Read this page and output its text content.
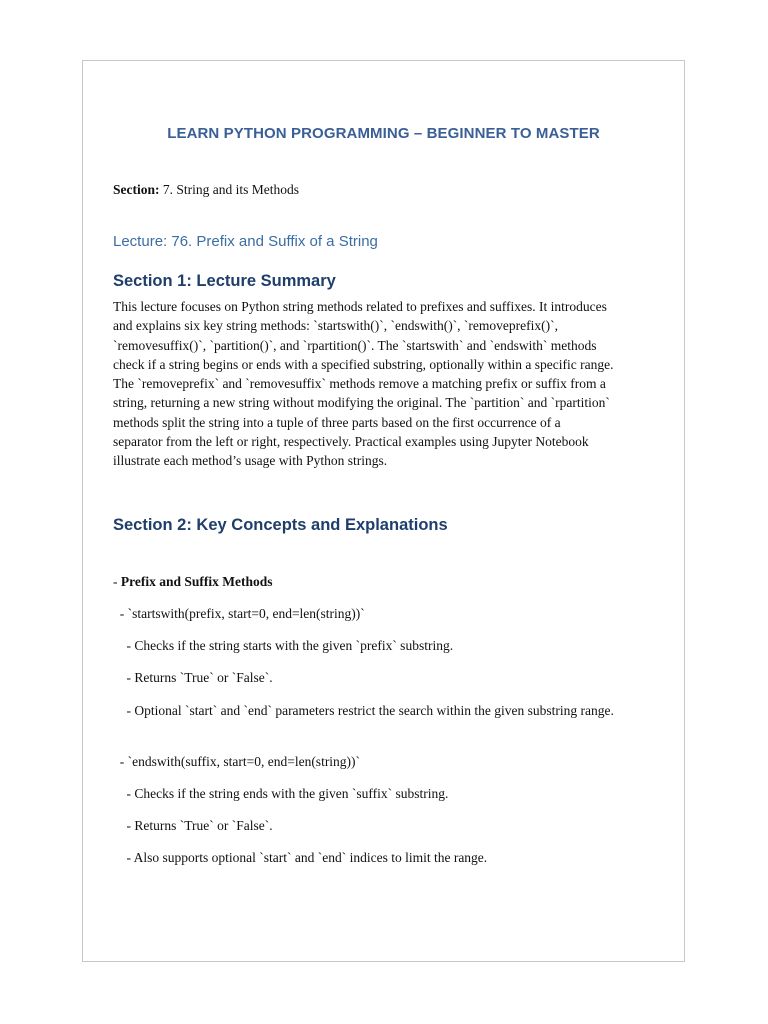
LEARN PYTHON PROGRAMMING – BEGINNER TO MASTER
Section: 7. String and its Methods
Lecture: 76. Prefix and Suffix of a String
Section 1: Lecture Summary
This lecture focuses on Python string methods related to prefixes and suffixes. It introduces
and explains six key string methods: `startswith()`, `endswith()`, `removeprefix()`,
`removesuffix()`, `partition()`, and `rpartition()`. The `startswith` and `endswith` methods
check if a string begins or ends with a specified substring, optionally within a specific range.
The `removeprefix` and `removesuffix` methods remove a matching prefix or suffix from a
string, returning a new string without modifying the original. The `partition` and `rpartition`
methods split the string into a tuple of three parts based on the first occurrence of a
separator from the left or right, respectively. Practical examples using Jupyter Notebook
illustrate each method’s usage with Python strings.
Section 2: Key Concepts and Explanations
- Prefix and Suffix Methods
- `startswith(prefix, start=0, end=len(string))`
- Checks if the string starts with the given `prefix` substring.
- Returns `True` or `False`.
- Optional `start` and `end` parameters restrict the search within the given substring range.
- `endswith(suffix, start=0, end=len(string))`
- Checks if the string ends with the given `suffix` substring.
- Returns `True` or `False`.
- Also supports optional `start` and `end` indices to limit the range.
